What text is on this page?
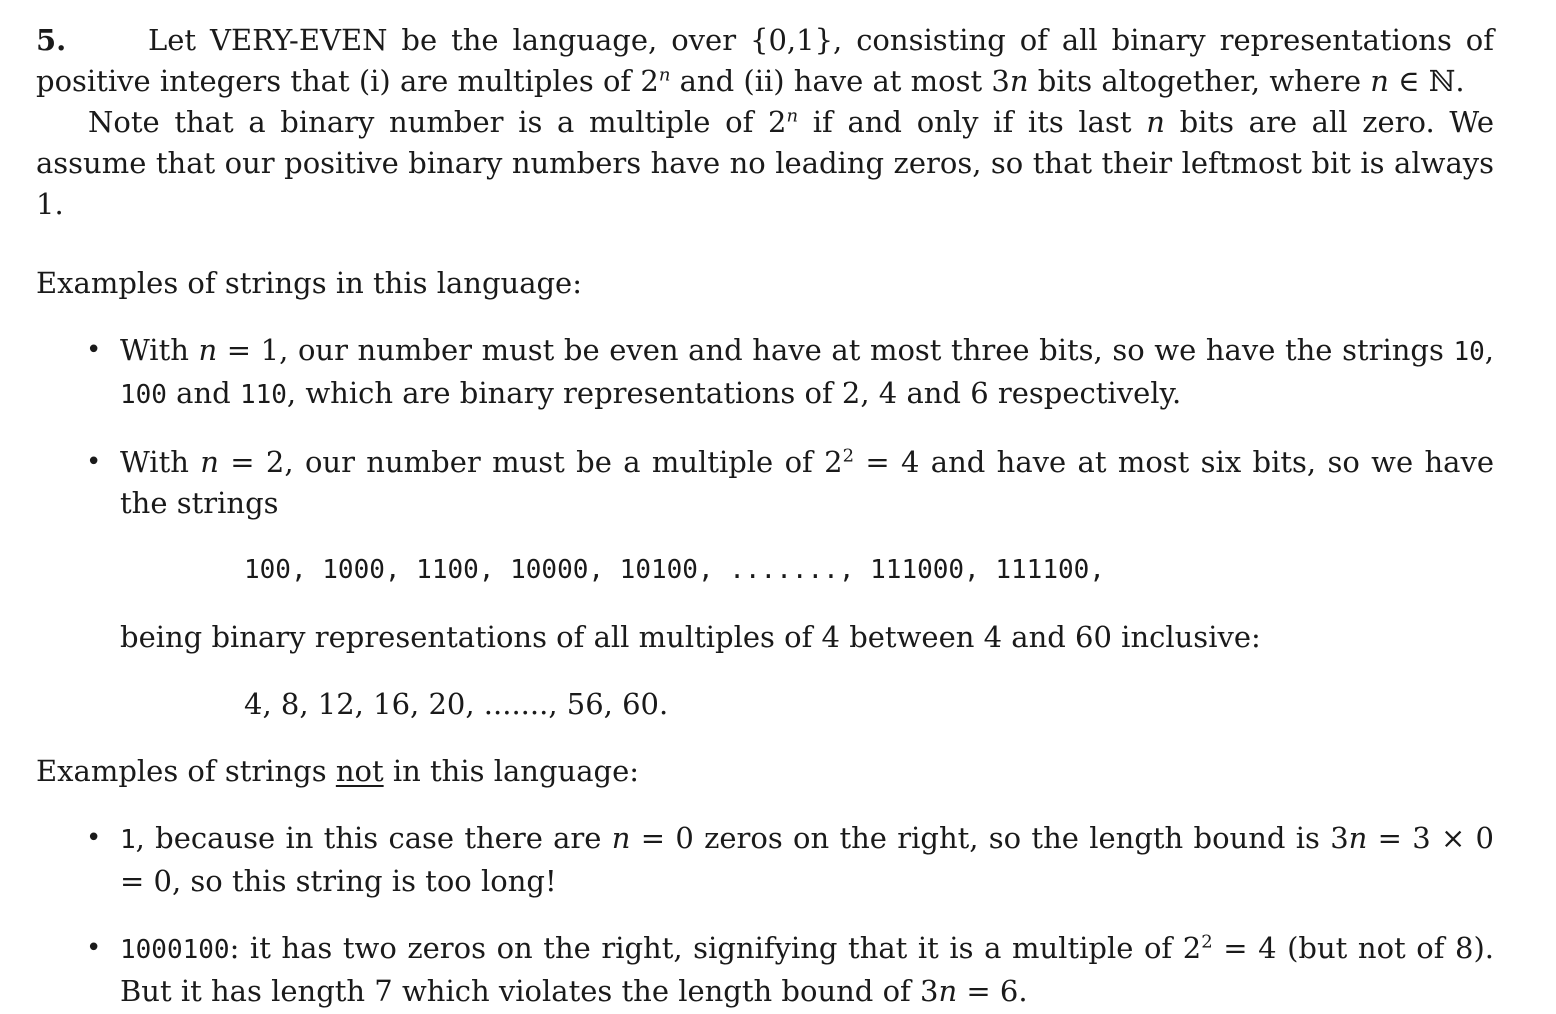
5.	Let VERY-EVEN be the language, over {0,1}, consisting of all binary representations of positive integers that (i) are multiples of 2$^n$ and (ii) have at most 3n bits altogether, where n ∈ ℕ.

Note that a binary number is a multiple of 2$^n$ if and only if its last n bits are all zero. We assume that our positive binary numbers have no leading zeros, so that their leftmost bit is always 1.

Examples of strings in this language:

• With n = 1, our number must be even and have at most three bits, so we have the strings 10, 100 and 110, which are binary representations of 2, 4 and 6 respectively.
• With n = 2, our number must be a multiple of $2^2 = 4$ and have at most six bits, so we have the strings

100, 1000, 1100, 10000, 10100, ......., 111000, 111100,

being binary representations of all multiples of 4 between 4 and 60 inclusive:

4, 8, 12, 16, 20, ......., 56, 60.

Examples of strings not in this language:

• 1, because in this case there are n = 0 zeros on the right, so the length bound is 3n = 3 × 0 = 0, so this string is too long!
• 1000100: it has two zeros on the right, signifying that it is a multiple of $2^2 = 4$ (but not of 8). But it has length 7 which violates the length bound of 3n = 6.
